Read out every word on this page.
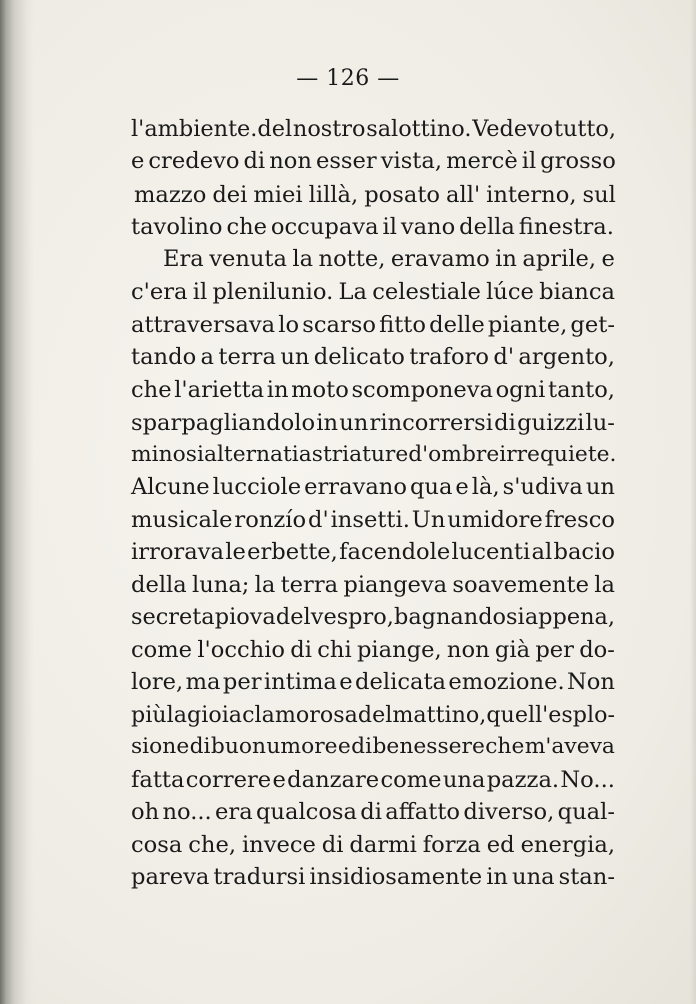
— 126 —
l'ambiente.del nostro salottino. Vedevo tutto,
e credevo di non esser vista, mercè il grosso
mazzo dei miei lillà, posato all' interno, sul
tavolino che occupava il vano della finestra.
Era venuta la notte, eravamo in aprile, e
c'era il plenilunio. La celestiale lúce bianca
attraversava lo scarso fitto delle piante, get-
tando a terra un delicato traforo d' argento,
che l'arietta in moto scomponeva ogni tanto,
sparpagliandolo in un rincorrersi di guizzi lu-
minosi alternati a striature d'ombre irrequiete.
Alcune lucciole erravano qua e là, s'udiva un
musicale ronzío d' insetti. Un umidore fresco
irrorava le erbette, facendole lucenti al bacio
della luna; la terra piangeva soavemente la
secreta piova del vespro, bagnandosi appena,
come l'occhio di chi piange, non già per do-
lore, ma per intima e delicata emozione. Non
più la gioia clamorosa del mattino, quell'esplo-
sione di buon umore e di benessere che m'aveva
fatta correre e danzare come una pazza. No...
oh no... era qualcosa di affatto diverso, qual-
cosa che, invece di darmi forza ed energia,
pareva tradursi insidiosamente in una stan-
